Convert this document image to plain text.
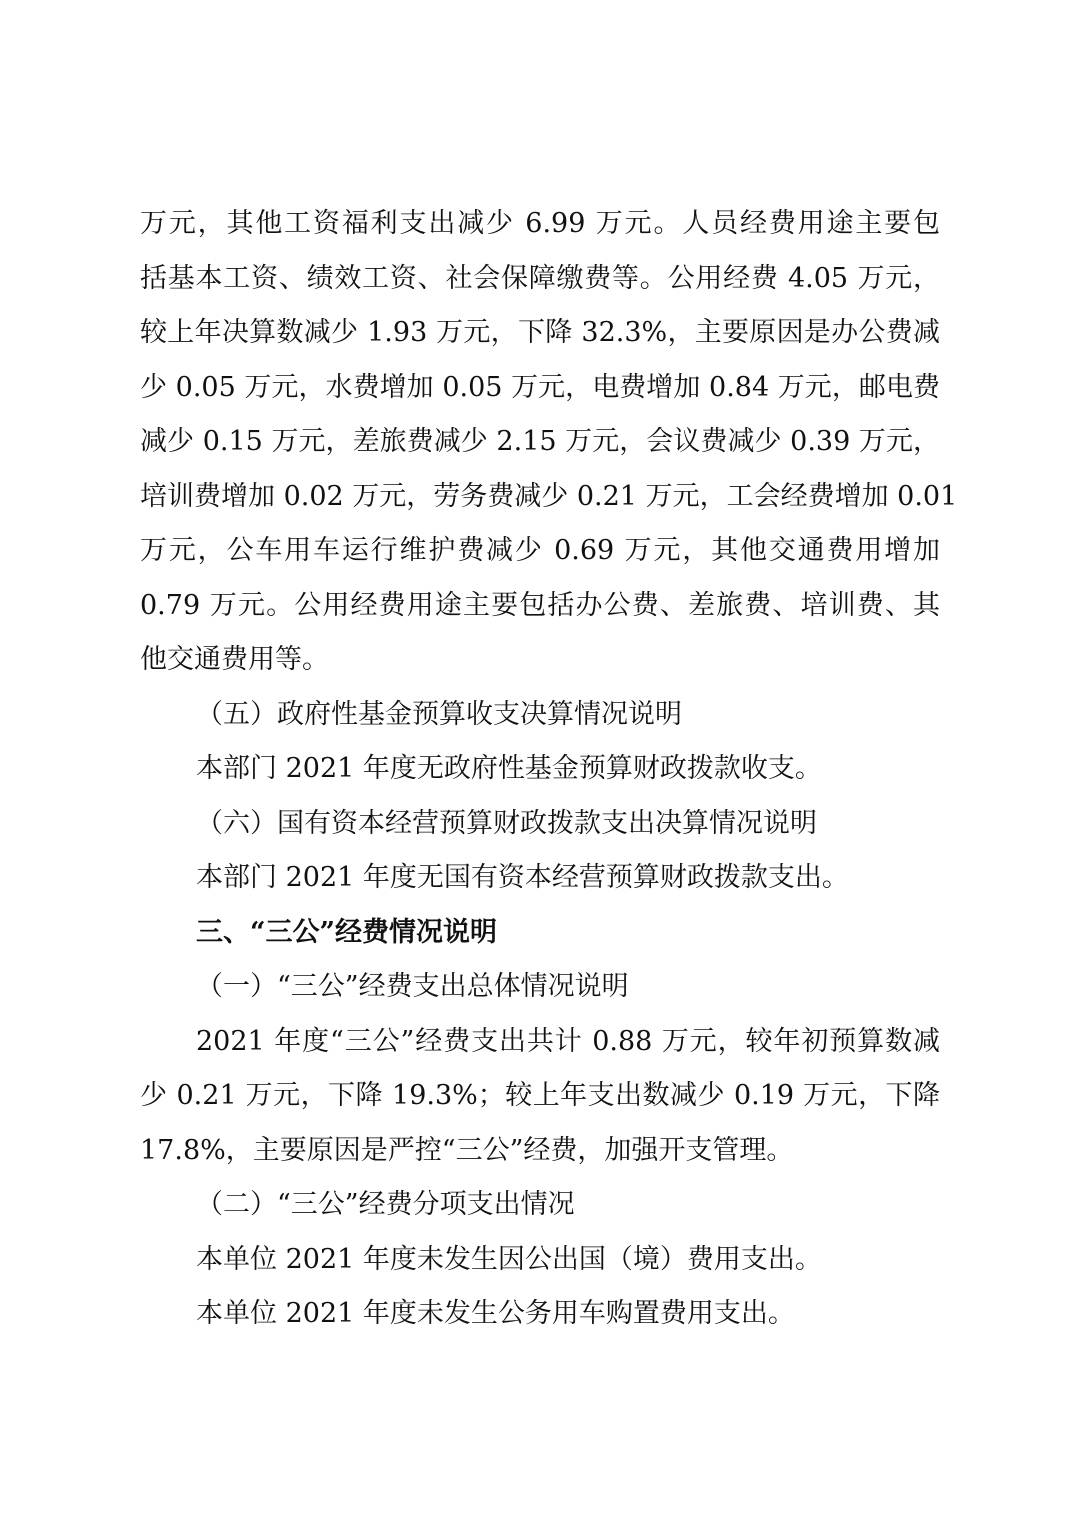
万元，其他工资福利支出减少 6.99 万元。人员经费用途主要包
括基本工资、绩效工资、社会保障缴费等。公用经费 4.05 万元，
较上年决算数减少 1.93 万元，下降 32.3%，主要原因是办公费减
少 0.05 万元，水费增加 0.05 万元，电费增加 0.84 万元，邮电费
减少 0.15 万元，差旅费减少 2.15 万元，会议费减少 0.39 万元，
培训费增加 0.02 万元，劳务费减少 0.21 万元，工会经费增加 0.01
万元，公车用车运行维护费减少 0.69 万元，其他交通费用增加
0.79 万元。公用经费用途主要包括办公费、差旅费、培训费、其
他交通费用等。
（五）政府性基金预算收支决算情况说明
本部门 2021 年度无政府性基金预算财政拨款收支。
（六）国有资本经营预算财政拨款支出决算情况说明
本部门 2021 年度无国有资本经营预算财政拨款支出。
三、“三公”经费情况说明
（一）“三公”经费支出总体情况说明
2021 年度“三公”经费支出共计 0.88 万元，较年初预算数减
少 0.21 万元，下降 19.3%；较上年支出数减少 0.19 万元，下降
17.8%，主要原因是严控“三公”经费，加强开支管理。
（二）“三公”经费分项支出情况
本单位 2021 年度未发生因公出国（境）费用支出。
本单位 2021 年度未发生公务用车购置费用支出。
